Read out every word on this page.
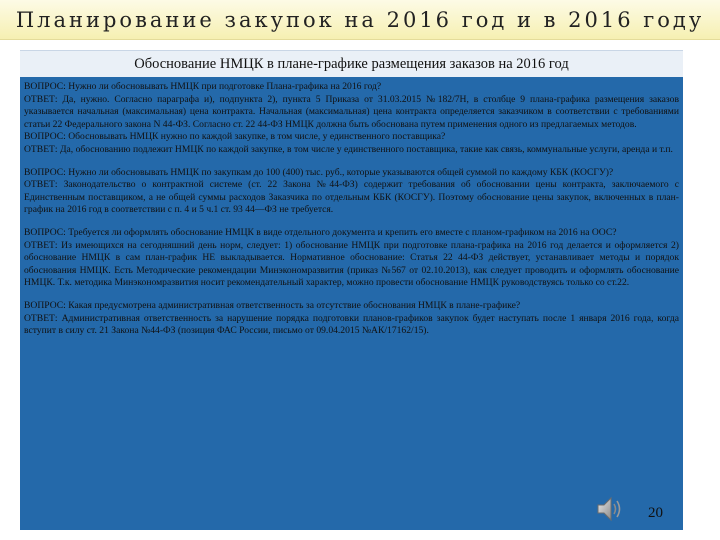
Планирование закупок на 2016 год и в 2016 году
Обоснование НМЦК в плане-графике размещения заказов на 2016 год

ВОПРОС: Нужно ли обосновывать НМЦК при подготовке Плана-графика на 2016 год?

ОТВЕТ: Да, нужно. Согласно параграфа и), подпункта 2), пункта 5 Приказа от 31.03.2015 №182/7Н, в столбце 9 плана-графика размещения заказов указывается начальная (максимальная) цена контракта. Начальная (максимальная) цена контракта определяется заказчиком в соответствии с требованиями статьи 22 Федерального закона N 44-ФЗ. Согласно ст. 22 44-ФЗ НМЦК должна быть обоснована путем применения одного из предлагаемых методов.

ВОПРОС: Обосновывать НМЦК нужно по каждой закупке, в том числе, у единственного поставщика?

ОТВЕТ: Да, обоснованию подлежит НМЦК по каждой закупке, в том числе у единственного поставщика, такие как связь, коммунальные услуги, аренда и т.п.

ВОПРОС: Нужно ли обосновывать НМЦК по закупкам до 100 (400) тыс. руб., которые указываются общей суммой по каждому КБК (КОСГУ)?

ОТВЕТ: Законодательство о контрактной системе (ст. 22 Закона №44-ФЗ) содержит требования об обосновании цены контракта, заключаемого с Единственным поставщиком, а не общей суммы расходов Заказчика по отдельным КБК (КОСГУ). Поэтому обоснование цены закупок, включенных в план-график на 2016 год в соответствии с п. 4 и 5 ч.1 ст. 93 44—ФЗ не требуется.

ВОПРОС: Требуется ли оформлять обоснование НМЦК в виде отдельного документа и крепить его вместе с планом-графиком на 2016 на ООС?

ОТВЕТ: Из имеющихся на сегодняшний день норм, следует: 1) обоснование НМЦК при подготовке плана-графика на 2016 год делается и оформляется 2) обоснование НМЦК в сам план-график НЕ выкладывается. Нормативное обоснование: Статья 22 44-ФЗ действует, устанавливает методы и порядок обоснования НМЦК. Есть Методические рекомендации Минэкономразвития (приказ №567 от 02.10.2013), как следует проводить и оформлять обоснование НМЦК. Т.к. методика Минэкономразвития носит рекомендательный характер, можно провести обоснование НМЦК руководствуясь только со ст.22.

ВОПРОС: Какая предусмотрена административная ответственность за отсутствие обоснования НМЦК в плане-графике?

ОТВЕТ: Административная ответственность за нарушение порядка подготовки планов-графиков закупок будет наступать после 1 января 2016 года, когда вступит в силу ст. 21 Закона №44-ФЗ (позиция ФАС России, письмо от 09.04.2015 №АК/17162/15).

20
